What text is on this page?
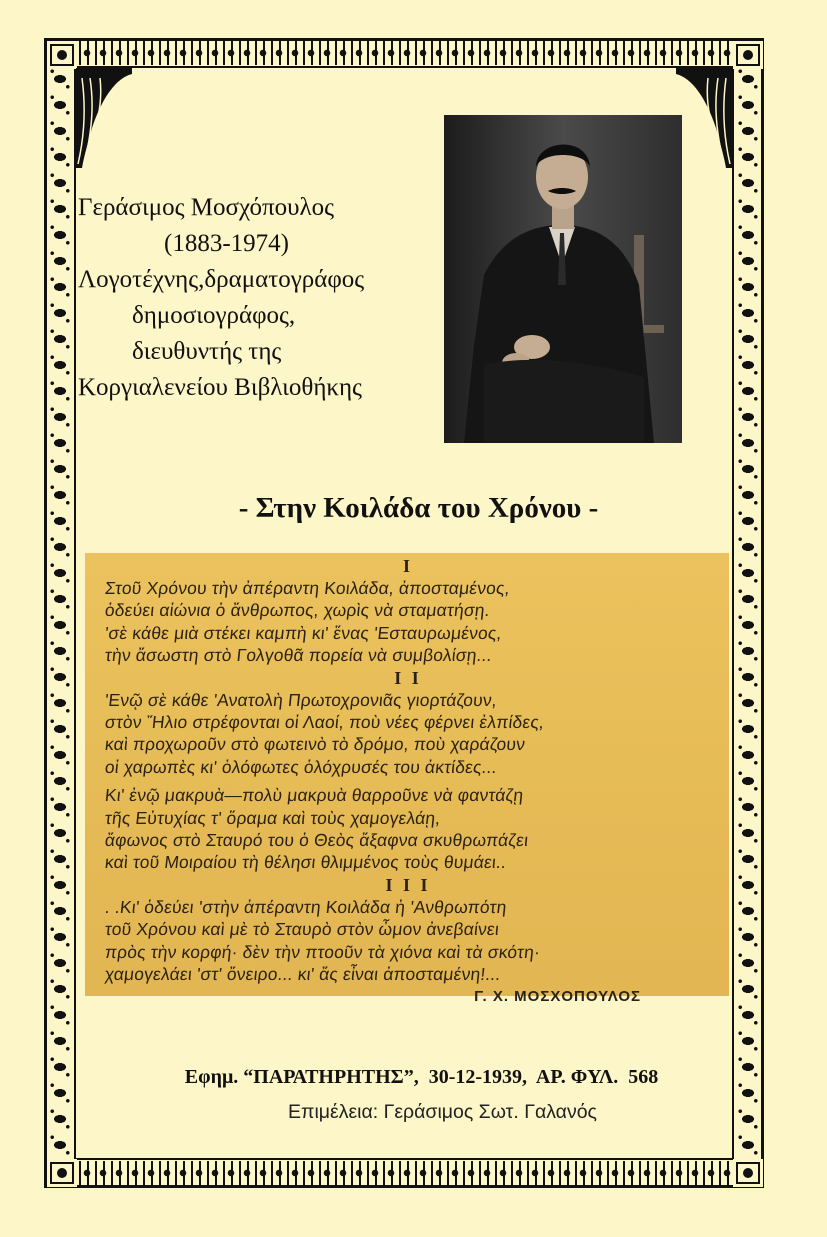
Γεράσιμος Μοσχόπουλος
(1883-1974)
Λογοτέχνης,δραματογράφος
δημοσιογράφος,
διευθυντής της
Κοργιαλενείου Βιβλιοθήκης
- Στην Κοιλάδα του Χρόνου -
I
Στοῦ Χρόνου τὴν ἀπέραντη Κοιλάδα, ἀποσταμένος,
ὁδεύει αἰώνια ὁ ἄνθρωπος, χωρὶς νὰ σταματήσῃ.
'σὲ κάθε μιὰ στέκει καμπὴ κι' ἕνας 'Εσταυρωμένος,
τὴν ἄσωστη στὸ Γολγοθᾶ πορεία νὰ συμβολίσῃ...
I I
'Ενῷ σὲ κάθε 'Ανατολὴ Πρωτοχρονιᾶς γιορτάζουν,
στὸν Ἥλιο στρέφονται οἱ Λαοί, ποὺ νέες φέρνει ἐλπίδες,
καὶ προχωροῦν στὸ φωτεινὸ τὸ δρόμο, ποὺ χαράζουν
οἱ χαρωπὲς κι' ὁλόφωτες ὁλόχρυσές του ἀκτίδες...
Κι' ἐνῷ μακρυὰ—πολὺ μακρυὰ θαρροῦνε νὰ φαντάζῃ
τῆς Εὐτυχίας τ' ὅραμα καὶ τοὺς χαμογελάῃ,
ἄφωνος στὸ Σταυρό του ὁ Θεὸς ἄξαφνα σκυθρωπάζει
καὶ τοῦ Μοιραίου τὴ θέλησι θλιμμένος τοὺς θυμάει..
I I I
. .Κι' ὁδεύει 'στὴν ἀπέραντη Κοιλάδα ἡ 'Ανθρωπότη
τοῦ Χρόνου καὶ μὲ τὸ Σταυρὸ στὸν ὦμον ἀνεβαίνει
πρὸς τὴν κορφή· δὲν τὴν πτοοῦν τὰ χιόνα καὶ τὰ σκότη·
χαμογελάει 'στ' ὄνειρο... κι' ἄς εἶναι ἀποσταμένη!...
Γ. Χ. ΜΟΣΧΟΠΟΥΛΟΣ

Εφημ. “ΠΑΡΑΤΗΡΗΤΗΣ”,  30-12-1939,  ΑΡ. ΦΥΛ.  568

Επιμέλεια: Γεράσιμος Σωτ. Γαλανός
